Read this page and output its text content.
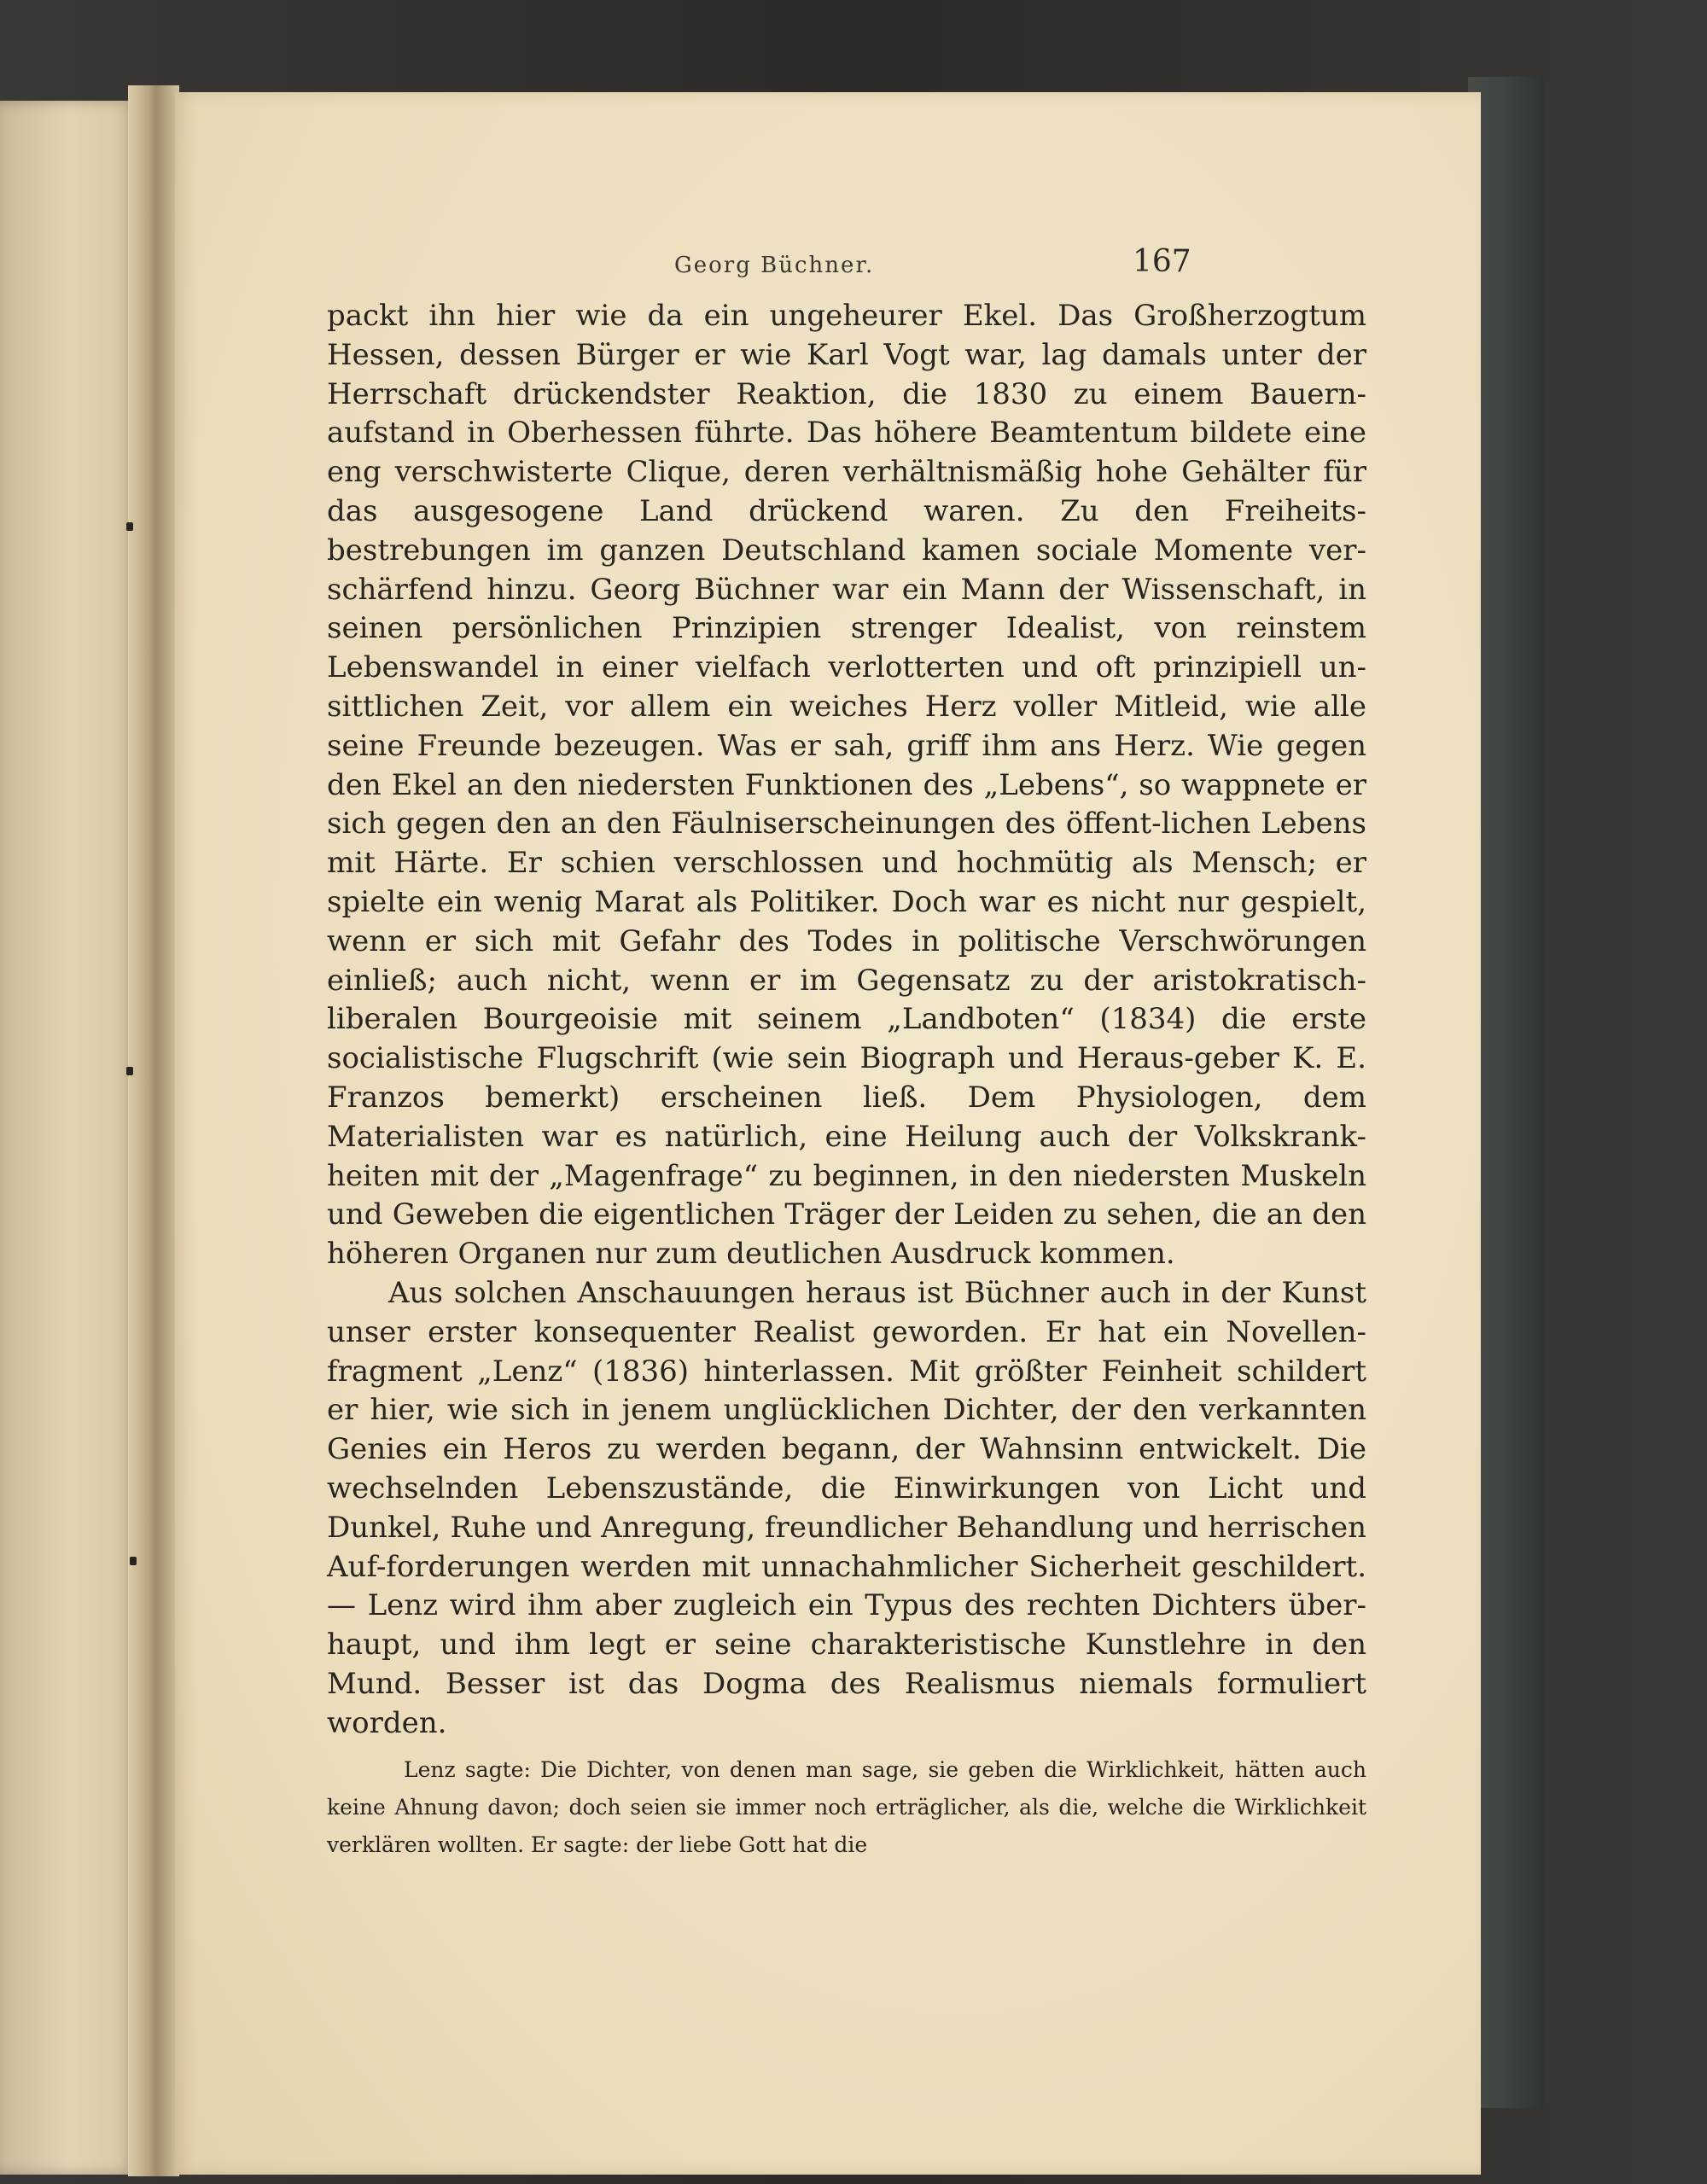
Georg Büchner.	167

packt ihn hier wie da ein ungeheurer Ekel. Das Großherzogtum Hessen, dessen Bürger er wie Karl Vogt war, lag damals unter der Herrschaft drückendster Reaktion, die 1830 zu einem Bauern-aufstand in Oberhessen führte. Das höhere Beamtentum bildete eine eng verschwisterte Clique, deren verhältnismäßig hohe Gehälter für das ausgesogene Land drückend waren. Zu den Freiheits-bestrebungen im ganzen Deutschland kamen sociale Momente ver-schärfend hinzu. Georg Büchner war ein Mann der Wissenschaft, in seinen persönlichen Prinzipien strenger Idealist, von reinstem Lebenswandel in einer vielfach verlotterten und oft prinzipiell un-sittlichen Zeit, vor allem ein weiches Herz voller Mitleid, wie alle seine Freunde bezeugen. Was er sah, griff ihm ans Herz. Wie gegen den Ekel an den niedersten Funktionen des „Lebens“, so wappnete er sich gegen den an den Fäulniserscheinungen des öffent-lichen Lebens mit Härte. Er schien verschlossen und hochmütig als Mensch; er spielte ein wenig Marat als Politiker. Doch war es nicht nur gespielt, wenn er sich mit Gefahr des Todes in politische Verschwörungen einließ; auch nicht, wenn er im Gegensatz zu der aristokratisch-liberalen Bourgeoisie mit seinem „Landboten“ (1834) die erste socialistische Flugschrift (wie sein Biograph und Heraus-geber K. E. Franzos bemerkt) erscheinen ließ. Dem Physiologen, dem Materialisten war es natürlich, eine Heilung auch der Volkskrank-heiten mit der „Magenfrage“ zu beginnen, in den niedersten Muskeln und Geweben die eigentlichen Träger der Leiden zu sehen, die an den höheren Organen nur zum deutlichen Ausdruck kommen.

Aus solchen Anschauungen heraus ist Büchner auch in der Kunst unser erster konsequenter Realist geworden. Er hat ein Novellen-fragment „Lenz“ (1836) hinterlassen. Mit größter Feinheit schildert er hier, wie sich in jenem unglücklichen Dichter, der den verkannten Genies ein Heros zu werden begann, der Wahnsinn entwickelt. Die wechselnden Lebenszustände, die Einwirkungen von Licht und Dunkel, Ruhe und Anregung, freundlicher Behandlung und herrischen Auf-forderungen werden mit unnachahmlicher Sicherheit geschildert. — Lenz wird ihm aber zugleich ein Typus des rechten Dichters über-haupt, und ihm legt er seine charakteristische Kunstlehre in den Mund. Besser ist das Dogma des Realismus niemals formuliert worden.

Lenz sagte: Die Dichter, von denen man sage, sie geben die Wirklichkeit, hätten auch keine Ahnung davon; doch seien sie immer noch erträglicher, als die, welche die Wirklichkeit verklären wollten. Er sagte: der liebe Gott hat die
